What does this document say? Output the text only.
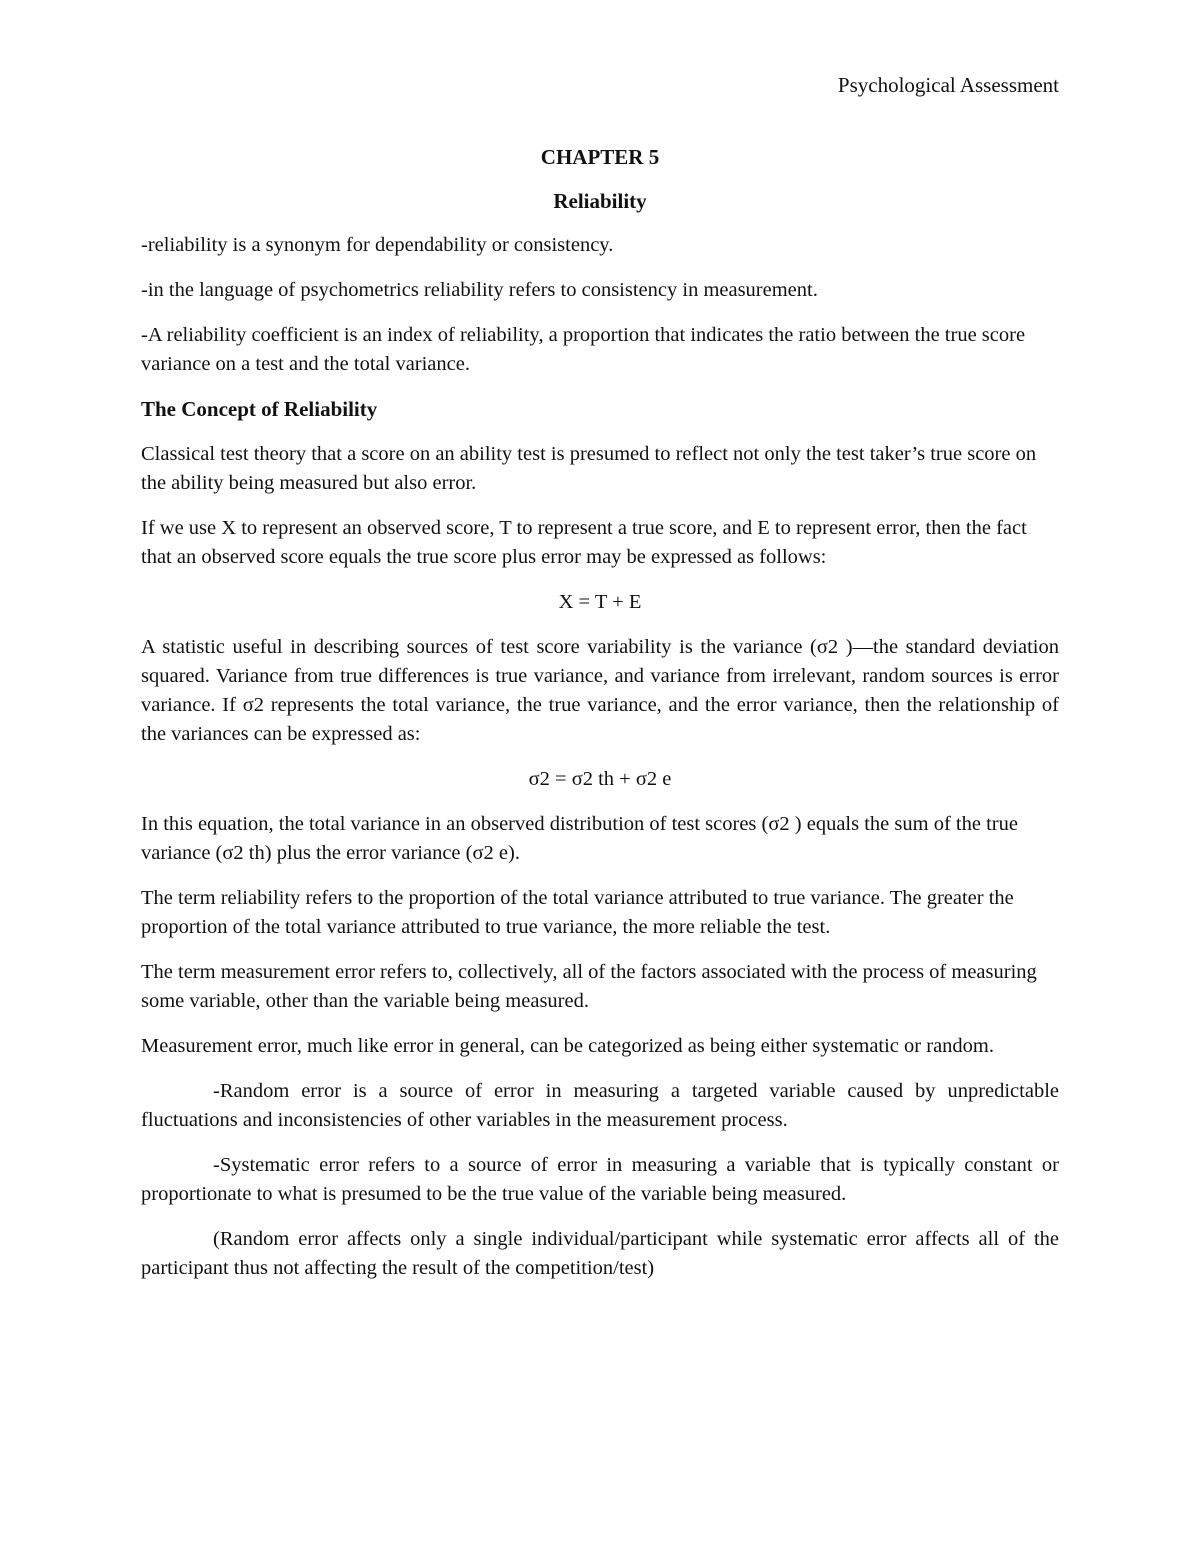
Psychological Assessment

CHAPTER 5

Reliability

-reliability is a synonym for dependability or consistency.

-in the language of psychometrics reliability refers to consistency in measurement.

-A reliability coefficient is an index of reliability, a proportion that indicates the ratio between the true score variance on a test and the total variance.

The Concept of Reliability

Classical test theory that a score on an ability test is presumed to reflect not only the test taker’s true score on the ability being measured but also error.

If we use X to represent an observed score, T to represent a true score, and E to represent error, then the fact that an observed score equals the true score plus error may be expressed as follows:

X = T + E

A statistic useful in describing sources of test score variability is the variance (σ2 )—the standard deviation squared. Variance from true differences is true variance, and variance from irrelevant, random sources is error variance. If σ2 represents the total variance, the true variance, and the error variance, then the relationship of the variances can be expressed as:

σ2 = σ2 th + σ2 e

In this equation, the total variance in an observed distribution of test scores (σ2 ) equals the sum of the true variance (σ2 th) plus the error variance (σ2 e).

The term reliability refers to the proportion of the total variance attributed to true variance. The greater the proportion of the total variance attributed to true variance, the more reliable the test.

The term measurement error refers to, collectively, all of the factors associated with the process of measuring some variable, other than the variable being measured.

Measurement error, much like error in general, can be categorized as being either systematic or random.

-Random error is a source of error in measuring a targeted variable caused by unpredictable fluctuations and inconsistencies of other variables in the measurement process.

-Systematic error refers to a source of error in measuring a variable that is typically constant or proportionate to what is presumed to be the true value of the variable being measured.

(Random error affects only a single individual/participant while systematic error affects all of the participant thus not affecting the result of the competition/test)
